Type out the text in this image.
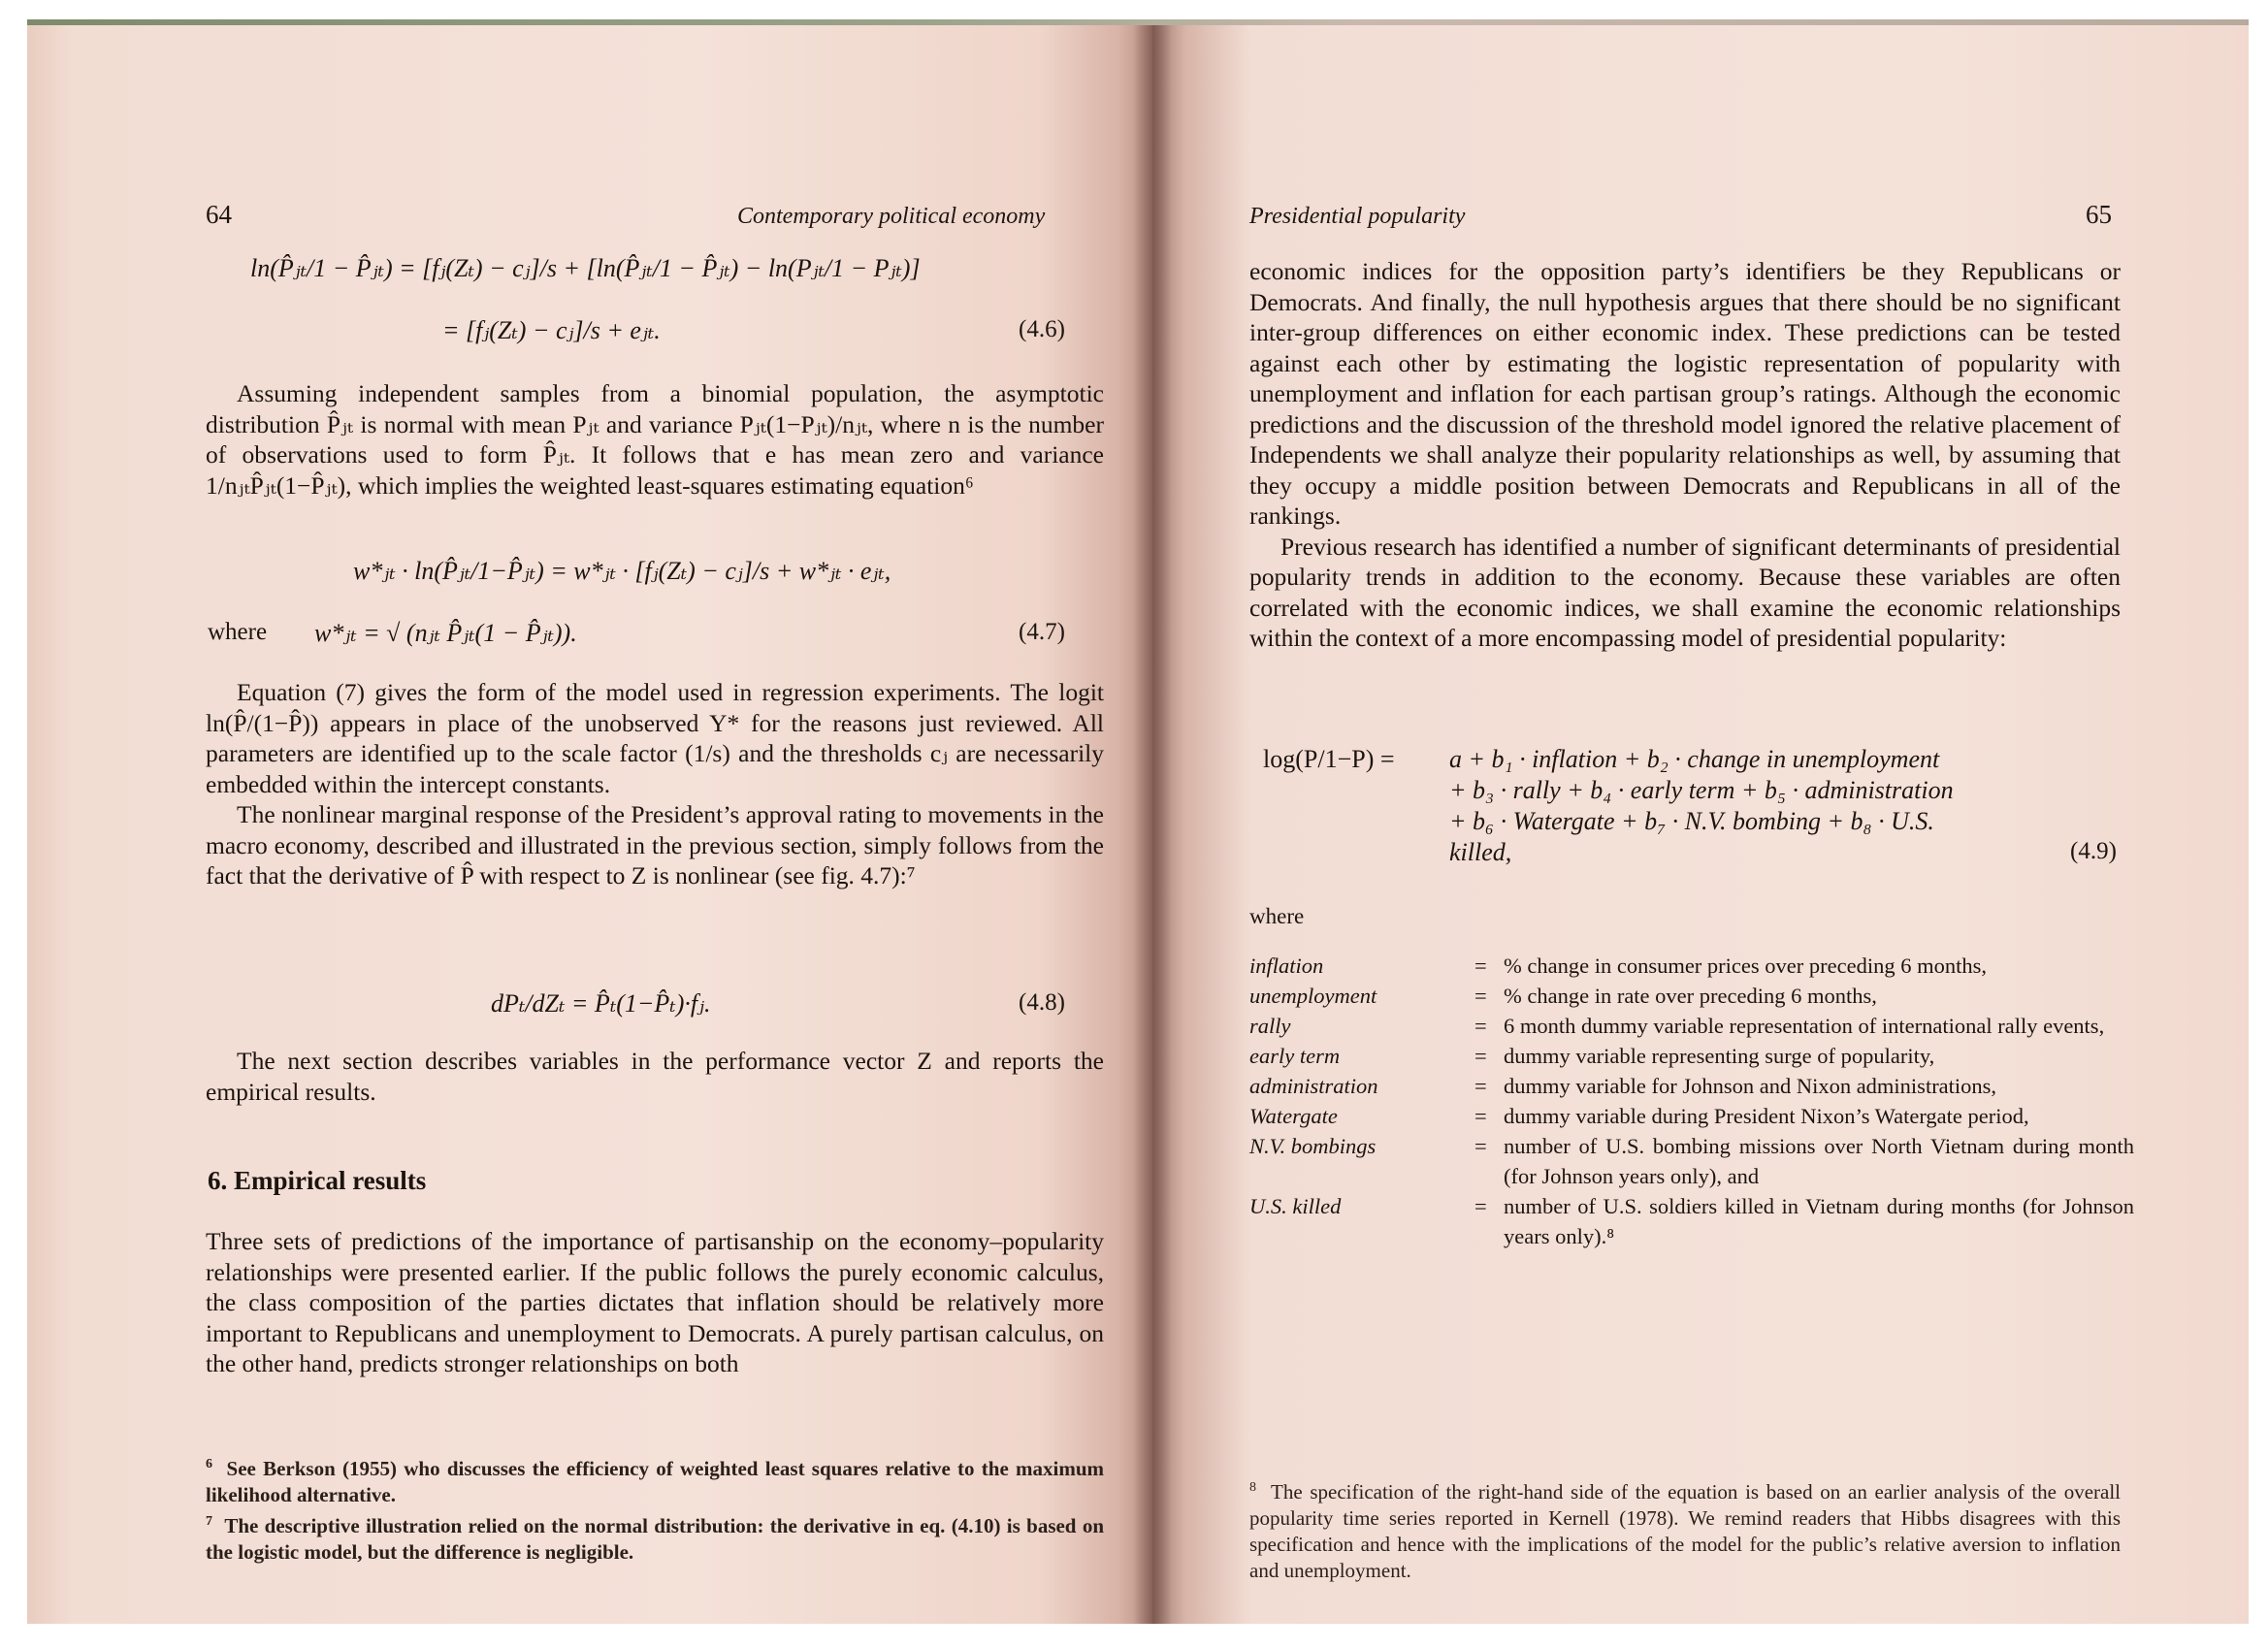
64	Contemporary political economy
ln(P̂ⱼₜ/1 − P̂ⱼₜ) = [fⱼ(Zₜ) − cⱼ]/s + [ln(P̂ⱼₜ/1 − P̂ⱼₜ) − ln(Pⱼₜ/1 − Pⱼₜ)]
= [fⱼ(Zₜ) − cⱼ]/s + eⱼₜ.	(4.6)

Assuming independent samples from a binomial population, the asymptotic distribution P̂ⱼₜ is normal with mean Pⱼₜ and variance Pⱼₜ(1−Pⱼₜ)/nⱼₜ, where n is the number of observations used to form P̂ⱼₜ. It follows that e has mean zero and variance 1/nⱼₜP̂ⱼₜ(1−P̂ⱼₜ), which implies the weighted least-squares estimating equation⁶

w*ⱼₜ · ln(P̂ⱼₜ/1−P̂ⱼₜ) = w*ⱼₜ · [fⱼ(Zₜ) − cⱼ]/s + w*ⱼₜ · eⱼₜ,
where w*ⱼₜ = √ (nⱼₜ P̂ⱼₜ(1 − P̂ⱼₜ)).	(4.7)

Equation (7) gives the form of the model used in regression experiments. The logit ln(P̂/(1−P̂)) appears in place of the unobserved Y* for the reasons just reviewed. All parameters are identified up to the scale factor (1/s) and the thresholds cⱼ are necessarily embedded within the intercept constants.

The nonlinear marginal response of the President’s approval rating to movements in the macro economy, described and illustrated in the previous section, simply follows from the fact that the derivative of P̂ with respect to Z is nonlinear (see fig. 4.7):⁷

dPₜ/dZₜ = P̂ₜ(1−P̂ₜ)·fⱼ.	(4.8)

The next section describes variables in the performance vector Z and reports the empirical results.

6. Empirical results

Three sets of predictions of the importance of partisanship on the economy–popularity relationships were presented earlier. If the public follows the purely economic calculus, the class composition of the parties dictates that inflation should be relatively more important to Republicans and unemployment to Democrats. A purely partisan calculus, on the other hand, predicts stronger relationships on both

$^6$ See Berkson (1955) who discusses the efficiency of weighted least squares relative to the maximum likelihood alternative.
$^7$ The descriptive illustration relied on the normal distribution: the derivative in eq. (4.10) is based on the logistic model, but the difference is negligible.
Presidential popularity	65

economic indices for the opposition party’s identifiers be they Republicans or Democrats. And finally, the null hypothesis argues that there should be no significant inter-group differences on either economic index. These predictions can be tested against each other by estimating the logistic representation of popularity with unemployment and inflation for each partisan group’s ratings. Although the economic predictions and the discussion of the threshold model ignored the relative placement of Independents we shall analyze their popularity relationships as well, by assuming that they occupy a middle position between Democrats and Republicans in all of the rankings.

Previous research has identified a number of significant determinants of presidential popularity trends in addition to the economy. Because these variables are often correlated with the economic indices, we shall examine the economic relationships within the context of a more encompassing model of presidential popularity:

log(P/1−P) = a + b₁ · inflation + b₂ · change in unemployment
+ b₃ · rally + b₄ · early term + b₅ · administration
+ b₆ · Watergate + b₇ · N.V. bombing + b₈ · U.S.
killed,	(4.9)
where
inflation	= % change in consumer prices over preceding 6 months,
unemployment	= % change in rate over preceding 6 months,
rally	= 6 month dummy variable representation of international rally events,
early term	= dummy variable representing surge of popularity,
administration	= dummy variable for Johnson and Nixon administrations,
Watergate	= dummy variable during President Nixon’s Watergate period,
N.V. bombings	= number of U.S. bombing missions over North Vietnam during month (for Johnson years only), and
U.S. killed	= number of U.S. soldiers killed in Vietnam during months (for Johnson years only).⁸
$^8$ The specification of the right-hand side of the equation is based on an earlier analysis of the overall popularity time series reported in Kernell (1978). We remind readers that Hibbs disagrees with this specification and hence with the implications of the model for the public’s relative aversion to inflation and unemployment.
